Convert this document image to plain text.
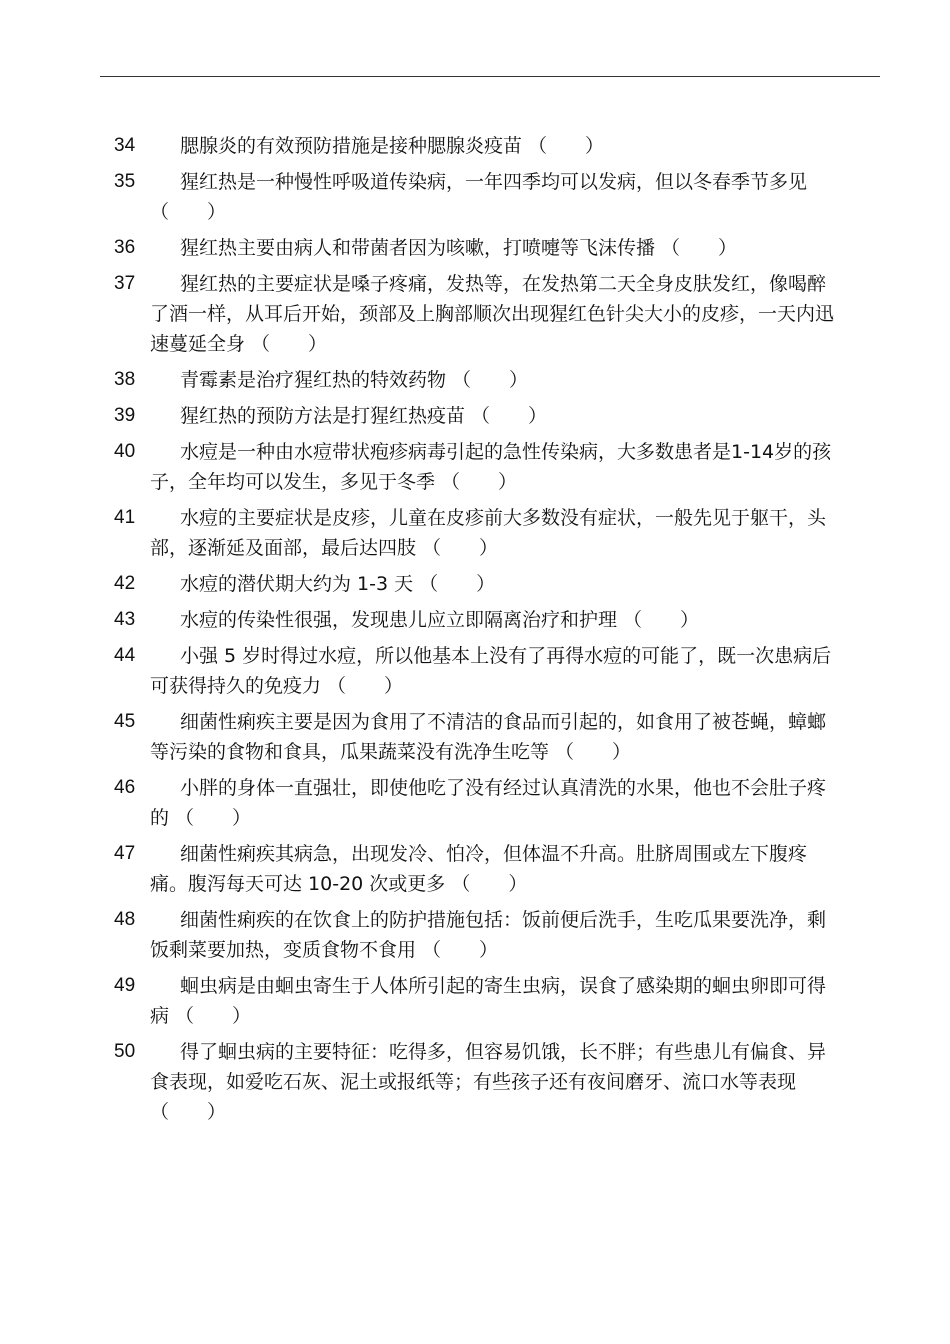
34	腮腺炎的有效预防措施是接种腮腺炎疫苗 （　　）
35	猩红热是一种慢性呼吸道传染病，一年四季均可以发病，但以冬春季节多见 （　　）
36	猩红热主要由病人和带菌者因为咳嗽，打喷嚏等飞沫传播 （　　）
37	猩红热的主要症状是嗓子疼痛，发热等，在发热第二天全身皮肤发红，像喝醉了酒一样，从耳后开始，颈部及上胸部顺次出现猩红色针尖大小的皮疹，一天内迅速蔓延全身 （　　）
38	青霉素是治疗猩红热的特效药物 （　　）
39	猩红热的预防方法是打猩红热疫苗 （　　）
40	水痘是一种由水痘带状疱疹病毒引起的急性传染病，大多数患者是1-14岁的孩子，全年均可以发生，多见于冬季 （　　）
41	水痘的主要症状是皮疹，儿童在皮疹前大多数没有症状，一般先见于躯干，头部，逐渐延及面部，最后达四肢 （　　）
42	水痘的潜伏期大约为 1-3 天 （　　）
43	水痘的传染性很强，发现患儿应立即隔离治疗和护理 （　　）
44	小强 5 岁时得过水痘，所以他基本上没有了再得水痘的可能了，既一次患病后可获得持久的免疫力 （　　）
45	细菌性痢疾主要是因为食用了不清洁的食品而引起的，如食用了被苍蝇，蟑螂等污染的食物和食具，瓜果蔬菜没有洗净生吃等 （　　）
46	小胖的身体一直强壮，即使他吃了没有经过认真清洗的水果，他也不会肚子疼的 （　　）
47	细菌性痢疾其病急，出现发冷、怕冷，但体温不升高。肚脐周围或左下腹疼痛。腹泻每天可达 10-20 次或更多 （　　）
48	细菌性痢疾的在饮食上的防护措施包括：饭前便后洗手，生吃瓜果要洗净，剩饭剩菜要加热，变质食物不食用 （　　）
49	蛔虫病是由蛔虫寄生于人体所引起的寄生虫病，误食了感染期的蛔虫卵即可得病 （　　）
50	得了蛔虫病的主要特征：吃得多，但容易饥饿，长不胖；有些患儿有偏食、异食表现，如爱吃石灰、泥土或报纸等；有些孩子还有夜间磨牙、流口水等表现 （　　）
